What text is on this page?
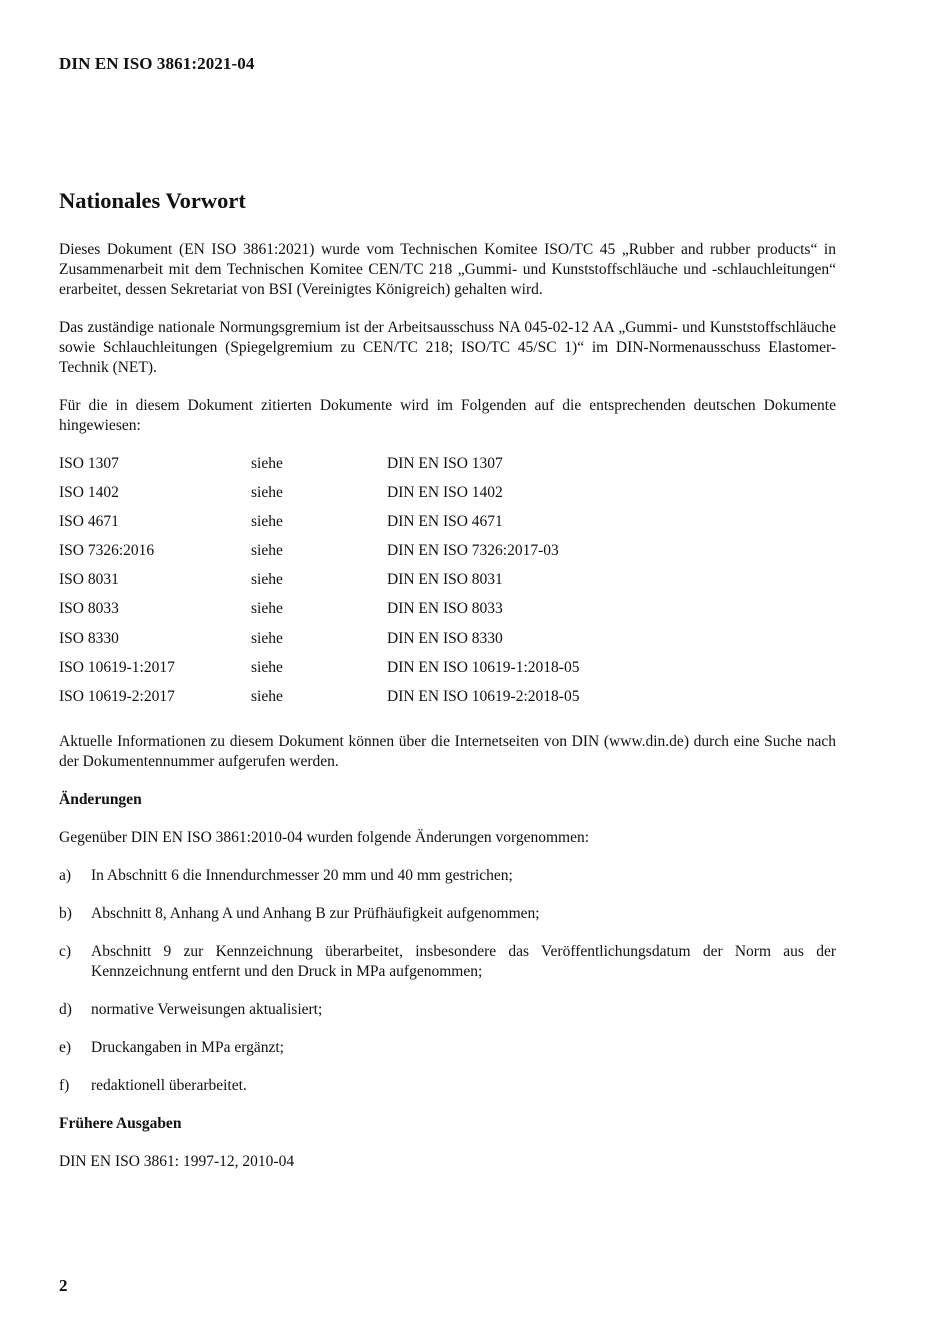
DIN EN ISO 3861:2021-04
Nationales Vorwort

Dieses Dokument (EN ISO 3861:2021) wurde vom Technischen Komitee ISO/TC 45 „Rubber and rubber products“ in Zusammenarbeit mit dem Technischen Komitee CEN/TC 218 „Gummi- und Kunststoffschläuche und -schlauchleitungen“ erarbeitet, dessen Sekretariat von BSI (Vereinigtes Königreich) gehalten wird.

Das zuständige nationale Normungsgremium ist der Arbeitsausschuss NA 045-02-12 AA „Gummi- und Kunststoffschläuche sowie Schlauchleitungen (Spiegelgremium zu CEN/TC 218; ISO/TC 45/SC 1)“ im DIN-Normenausschuss Elastomer-Technik (NET).

Für die in diesem Dokument zitierten Dokumente wird im Folgenden auf die entsprechenden deutschen Dokumente hingewiesen:

ISO 1307	siehe	DIN EN ISO 1307
ISO 1402	siehe	DIN EN ISO 1402
ISO 4671	siehe	DIN EN ISO 4671
ISO 7326:2016	siehe	DIN EN ISO 7326:2017-03
ISO 8031	siehe	DIN EN ISO 8031
ISO 8033	siehe	DIN EN ISO 8033
ISO 8330	siehe	DIN EN ISO 8330
ISO 10619-1:2017	siehe	DIN EN ISO 10619-1:2018-05
ISO 10619-2:2017	siehe	DIN EN ISO 10619-2:2018-05

Aktuelle Informationen zu diesem Dokument können über die Internetseiten von DIN (www.din.de) durch eine Suche nach der Dokumentennummer aufgerufen werden.

Änderungen

Gegenüber DIN EN ISO 3861:2010-04 wurden folgende Änderungen vorgenommen:

a)	In Abschnitt 6 die Innendurchmesser 20 mm und 40 mm gestrichen;
b)	Abschnitt 8, Anhang A und Anhang B zur Prüfhäufigkeit aufgenommen;
c)	Abschnitt 9 zur Kennzeichnung überarbeitet, insbesondere das Veröffentlichungsdatum der Norm aus der Kennzeichnung entfernt und den Druck in MPa aufgenommen;
d)	normative Verweisungen aktualisiert;
e)	Druckangaben in MPa ergänzt;
f)	redaktionell überarbeitet.
Frühere Ausgaben

DIN EN ISO 3861: 1997-12, 2010-04

2
